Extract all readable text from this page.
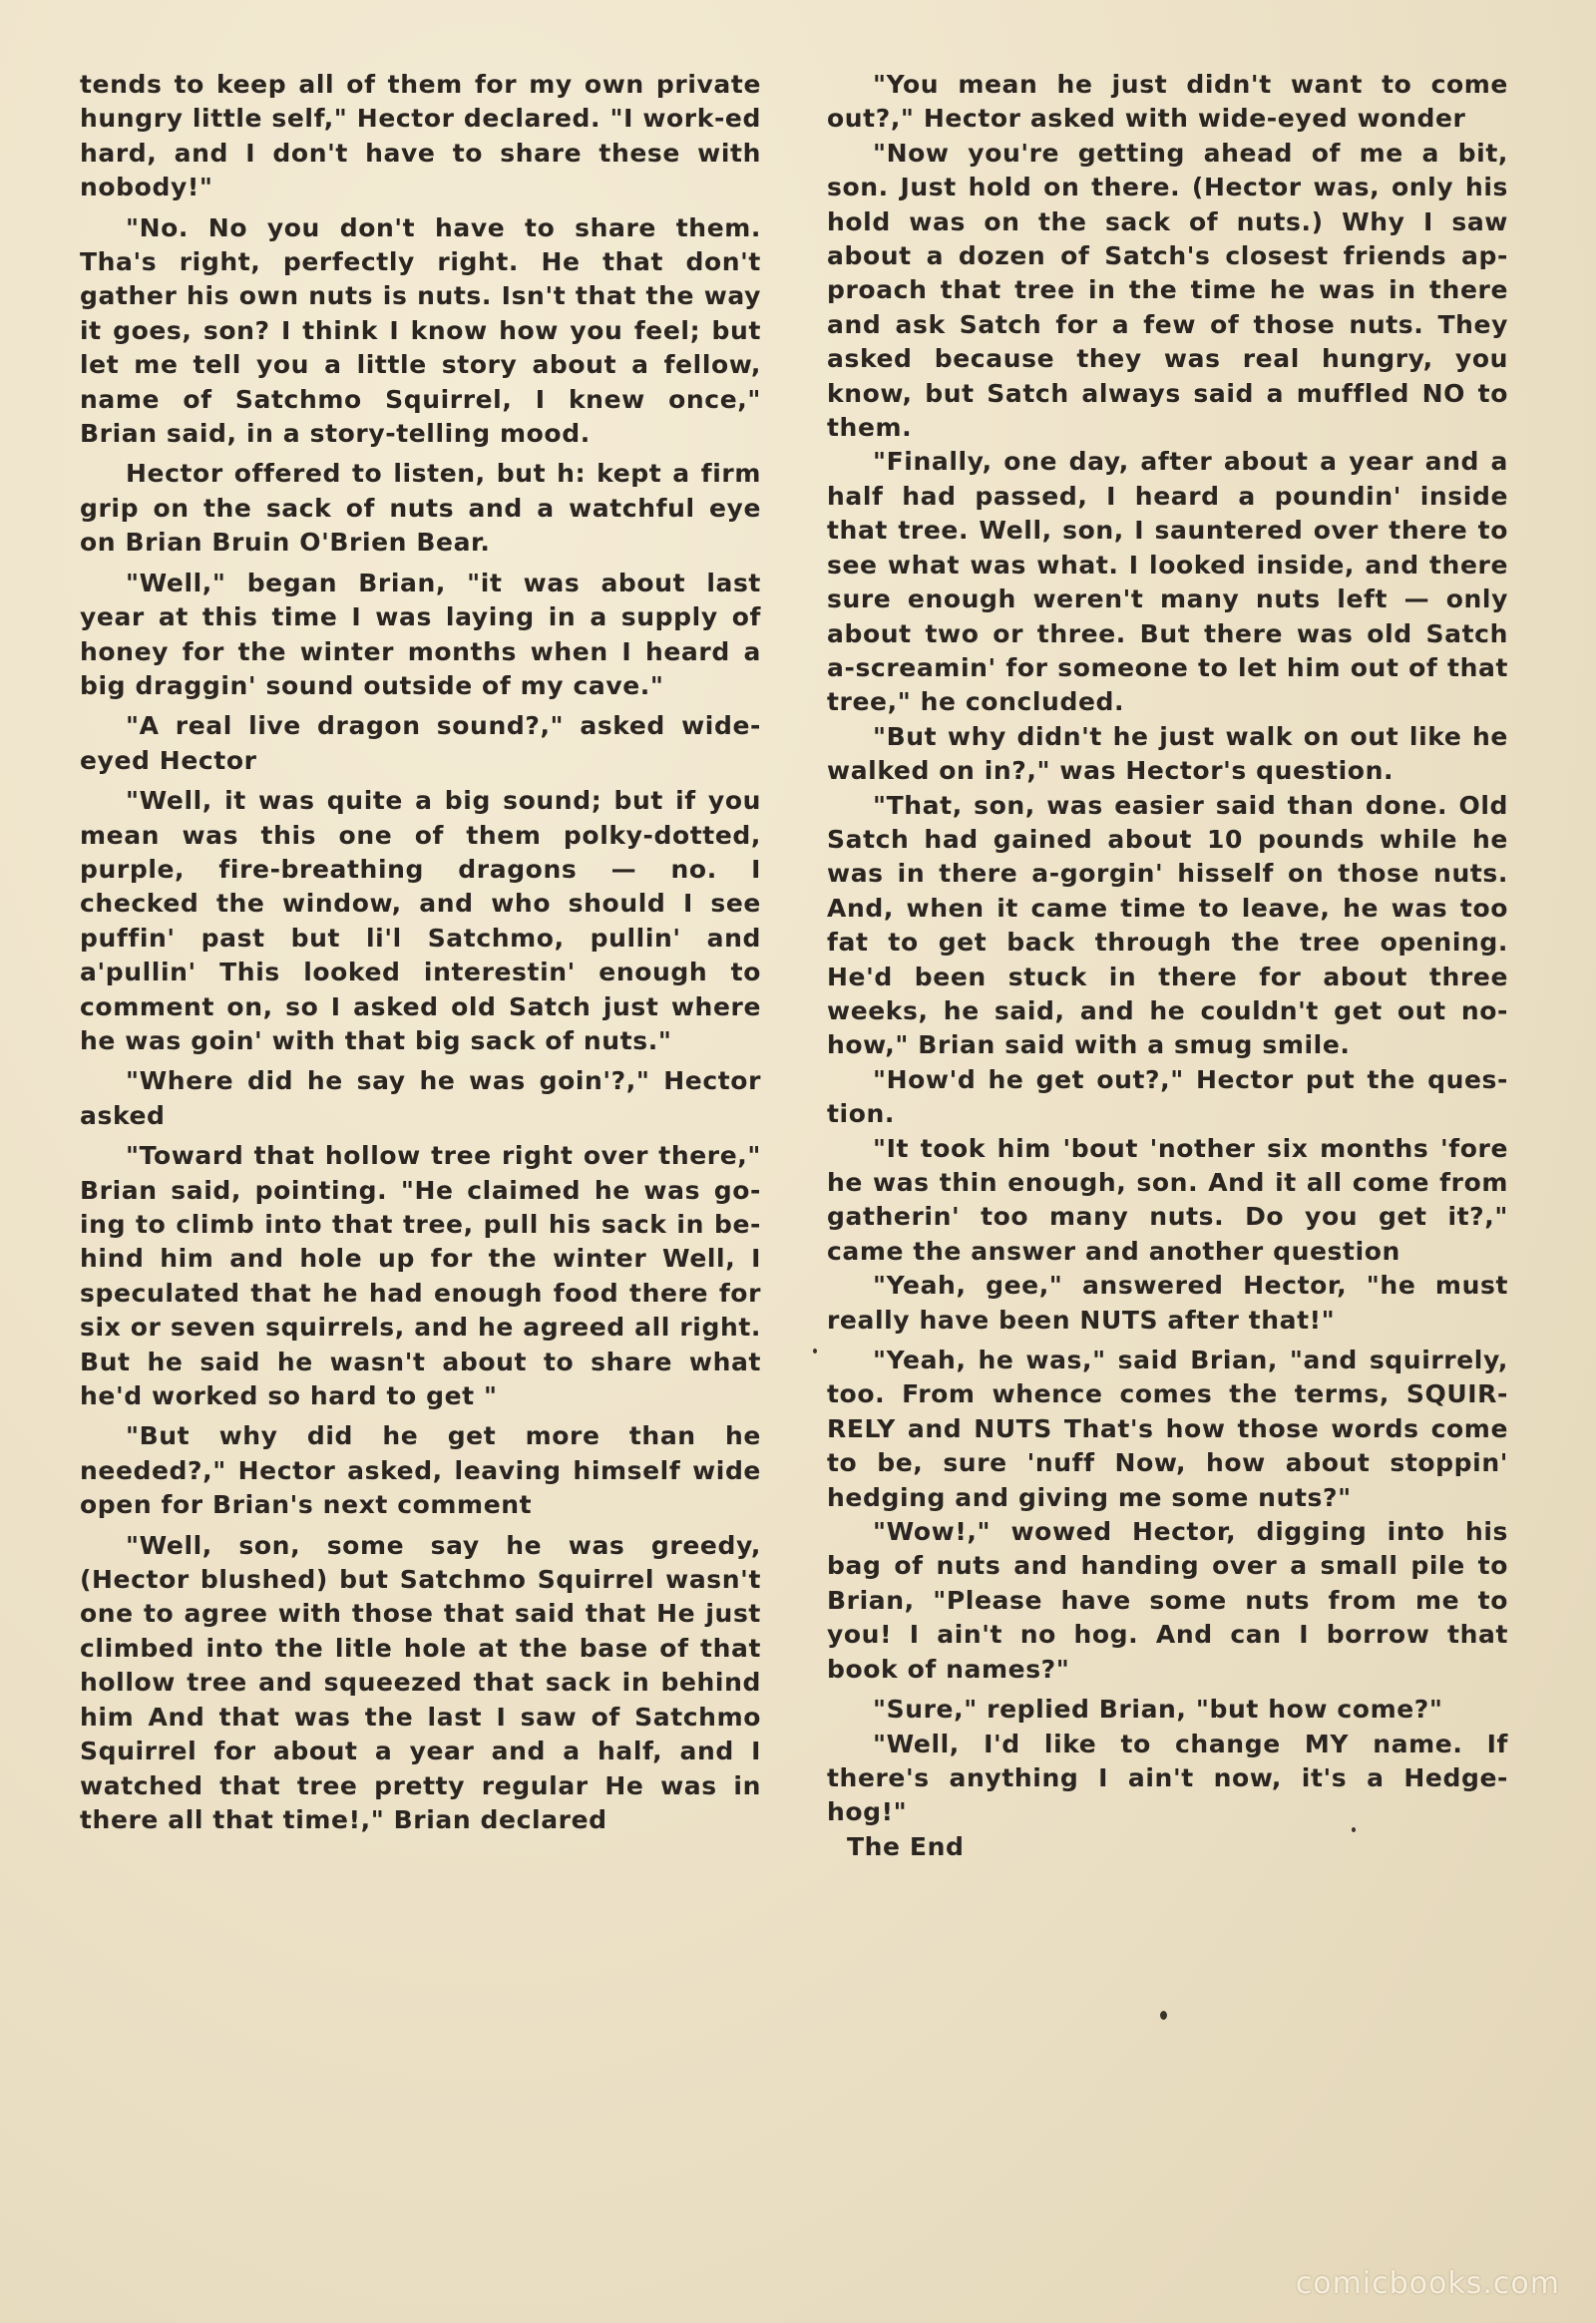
tends to keep all of them for my own private hungry little self," Hector declared. "I work-ed hard, and I don't have to share these with nobody!"

"No. No you don't have to share them. Tha's right, perfectly right. He that don't gather his own nuts is nuts. Isn't that the way it goes, son? I think I know how you feel; but let me tell you a little story about a fellow, name of Satchmo Squirrel, I knew once," Brian said, in a story-telling mood.

Hector offered to listen, but h: kept a firm grip on the sack of nuts and a watchful eye on Brian Bruin O'Brien Bear.

"Well," began Brian, "it was about last year at this time I was laying in a supply of honey for the winter months when I heard a big draggin' sound outside of my cave."

"A real live dragon sound?," asked wide-eyed Hector

"Well, it was quite a big sound; but if you mean was this one of them polky-dotted, purple, fire-breathing dragons — no. I checked the window, and who should I see puffin' past but li'l Satchmo, pullin' and a'pullin' This looked interestin' enough to comment on, so I asked old Satch just where he was goin' with that big sack of nuts."

"Where did he say he was goin'?," Hector asked

"Toward that hollow tree right over there," Brian said, pointing. "He claimed he was go-ing to climb into that tree, pull his sack in be-hind him and hole up for the winter Well, I speculated that he had enough food there for six or seven squirrels, and he agreed all right. But he said he wasn't about to share what he'd worked so hard to get "

"But why did he get more than he needed?," Hector asked, leaving himself wide open for Brian's next comment

"Well, son, some say he was greedy, (Hector blushed) but Satchmo Squirrel wasn't one to agree with those that said that He just climbed into the litle hole at the base of that hollow tree and squeezed that sack in behind him And that was the last I saw of Satchmo Squirrel for about a year and a half, and I watched that tree pretty regular He was in there all that time!," Brian declared

"You mean he just didn't want to come out?," Hector asked with wide-eyed wonder

"Now you're getting ahead of me a bit, son. Just hold on there. (Hector was, only his hold was on the sack of nuts.) Why I saw about a dozen of Satch's closest friends ap-proach that tree in the time he was in there and ask Satch for a few of those nuts. They asked because they was real hungry, you know, but Satch always said a muffled NO to them.

"Finally, one day, after about a year and a half had passed, I heard a poundin' inside that tree. Well, son, I sauntered over there to see what was what. I looked inside, and there sure enough weren't many nuts left — only about two or three. But there was old Satch a-screamin' for someone to let him out of that tree," he concluded.

"But why didn't he just walk on out like he walked on in?," was Hector's question.

"That, son, was easier said than done. Old Satch had gained about 10 pounds while he was in there a-gorgin' hisself on those nuts. And, when it came time to leave, he was too fat to get back through the tree opening. He'd been stuck in there for about three weeks, he said, and he couldn't get out no-how," Brian said with a smug smile.

"How'd he get out?," Hector put the ques-tion.

"It took him 'bout 'nother six months 'fore he was thin enough, son. And it all come from gatherin' too many nuts. Do you get it?," came the answer and another question

"Yeah, gee," answered Hector, "he must really have been NUTS after that!"

"Yeah, he was," said Brian, "and squirrely, too. From whence comes the terms, SQUIR-RELY and NUTS That's how those words come to be, sure 'nuff Now, how about stoppin' hedging and giving me some nuts?"

"Wow!," wowed Hector, digging into his bag of nuts and handing over a small pile to Brian, "Please have some nuts from me to you! I ain't no hog. And can I borrow that book of names?"

"Sure," replied Brian, "but how come?"

"Well, I'd like to change MY name. If there's anything I ain't now, it's a Hedge-hog!"

The End

comicbooks.com
